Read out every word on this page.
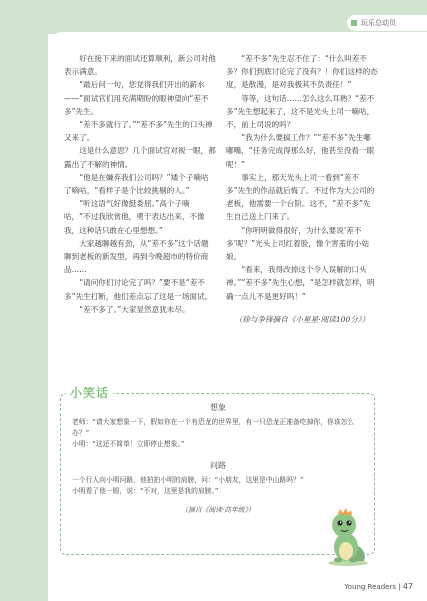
玩乐总动员

好在接下来的面试还算顺利，新公司对他表示满意。

“最后问一句，您觉得我们开出的薪水——”面试官们用充满期盼的眼神望向“差不多”先生。

“差不多就行了。”“差不多”先生的口头禅又来了。

这是什么意思？几个面试官对视一眼，都露出了不解的神情。

“他是在嫌弃我们公司吗？”矮个子嘀咕了嘀咕，“看样子是个比较挑剔的人。”

“听这语气好像挺委屈。”高个子嘀咕，“不过我欣赏他，勇于表达出来，不像我，这种话只敢在心里想想。”

大家越聊越有劲，从“差不多”这个话题聊到老板的新发型，再到今晚超市的特价商品……

“请问你们讨论完了吗？”要不是“差不多”先生打断，他们差点忘了这是一场面试。

“差不多了。”大家显然意犹未尽。

“差不多”先生忍不住了：“什么叫差不多？你们到底讨论完了没有？！你们这样的态度，是散漫，是对我极其不负责任！”

等等，这句话……怎么这么耳熟？“差不多”先生想起来了，这不是光头上司一嘀咕，不，前上司说的吗？

“我为什么要搞工作？”“差不多”先生嘟嘟嘴，“任务完成得那么好，他甚至没看一眼呢！”

事实上，那天光头上司一看到“差不多”先生的作品就后悔了。不过作为大公司的老板，他需要一个台阶。这不，“差不多”先生自己送上门来了。

“你明明做得很好，为什么要说‘差不多’呢？”光头上司红着脸，像个害羞的小姑娘。

“看来，我得改掉这个令人误解的口头禅。”“差不多”先生心想，“是怎样就怎样，明确一点儿不是更好吗！”

（徐与争锋摘自《小星星·阅读100分》）

小笑话
想象

老师：“请大家想象一下，假如你在一个有恐龙的世界里，有一只恐龙正准备吃掉你，你该怎么办？”

小明：“这还不简单！立即停止想象。”

问路

一个行人向小明问路，他拍拍小明的肩膀，问：“小朋友，这里是中山路吗？”

小明看了他一眼，说：“不对，这里是我的肩膀。”

（摘自《阅读·高年级》）

Young Readers | 47
